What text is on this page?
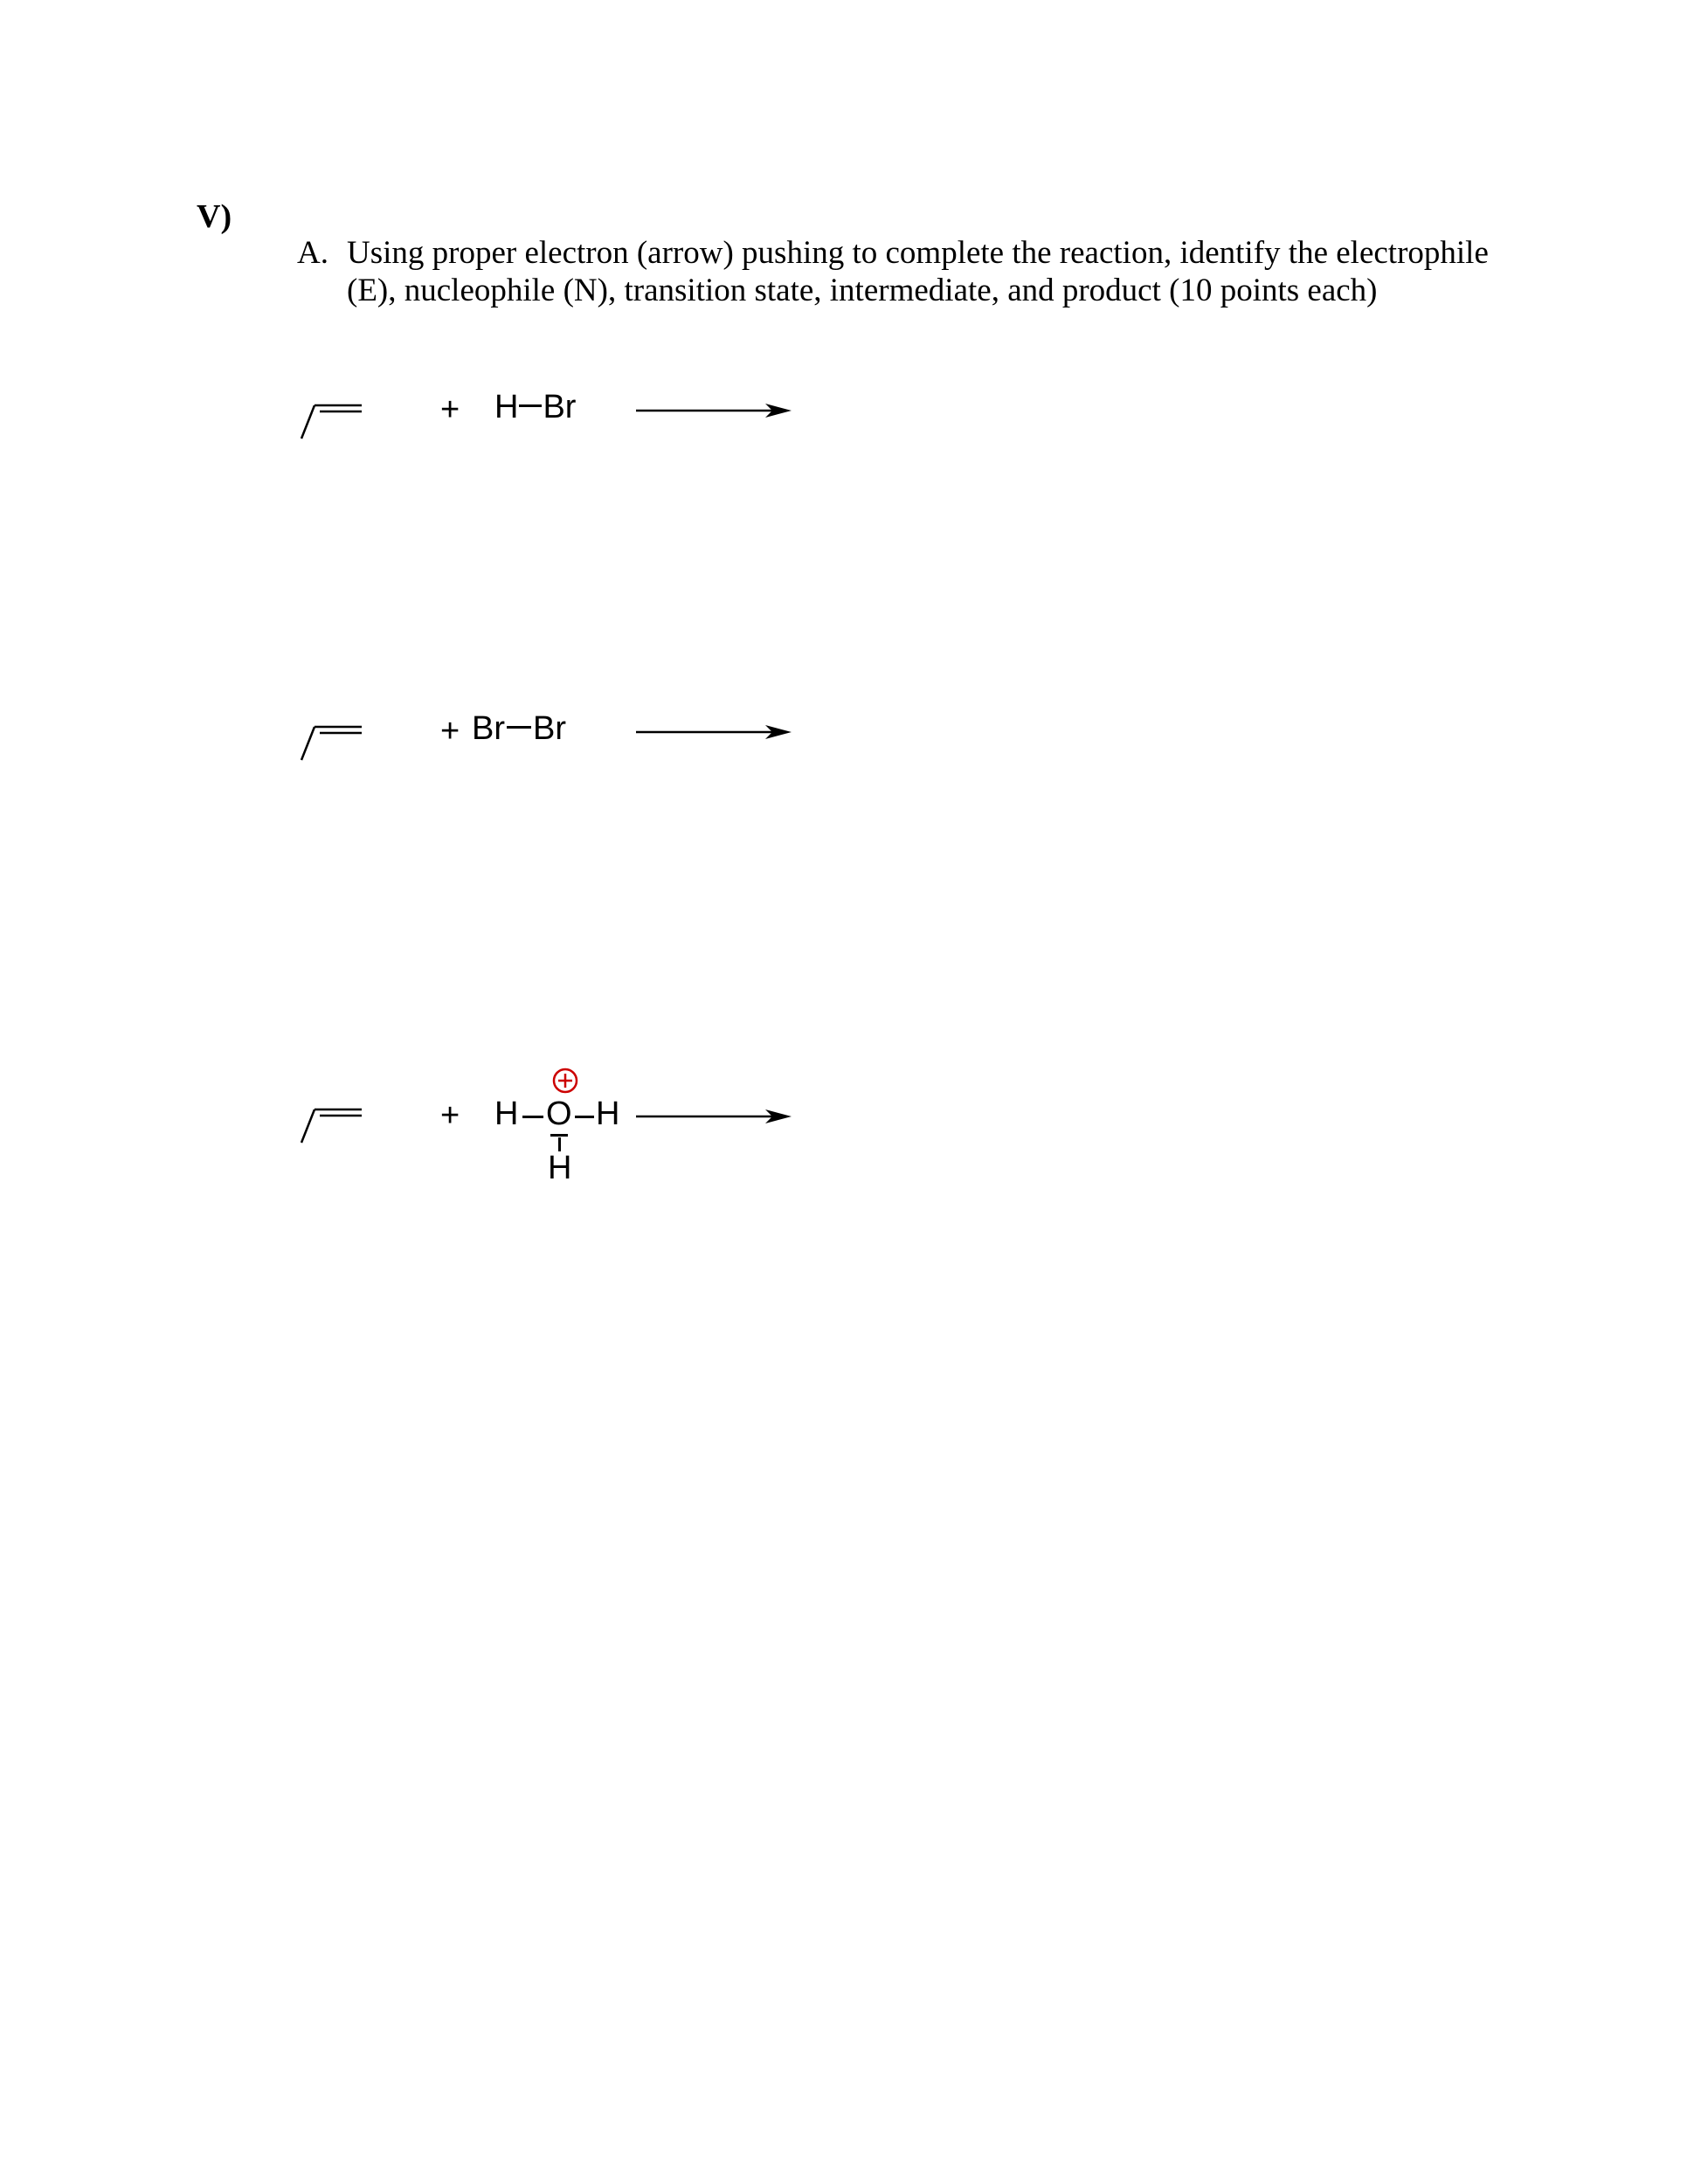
V)
A. Using proper electron (arrow) pushing to complete the reaction, identify the electrophile (E), nucleophile (N), transition state, intermediate, and product (10 points each)
+ H Br
+ Br Br
+ H O H
H
